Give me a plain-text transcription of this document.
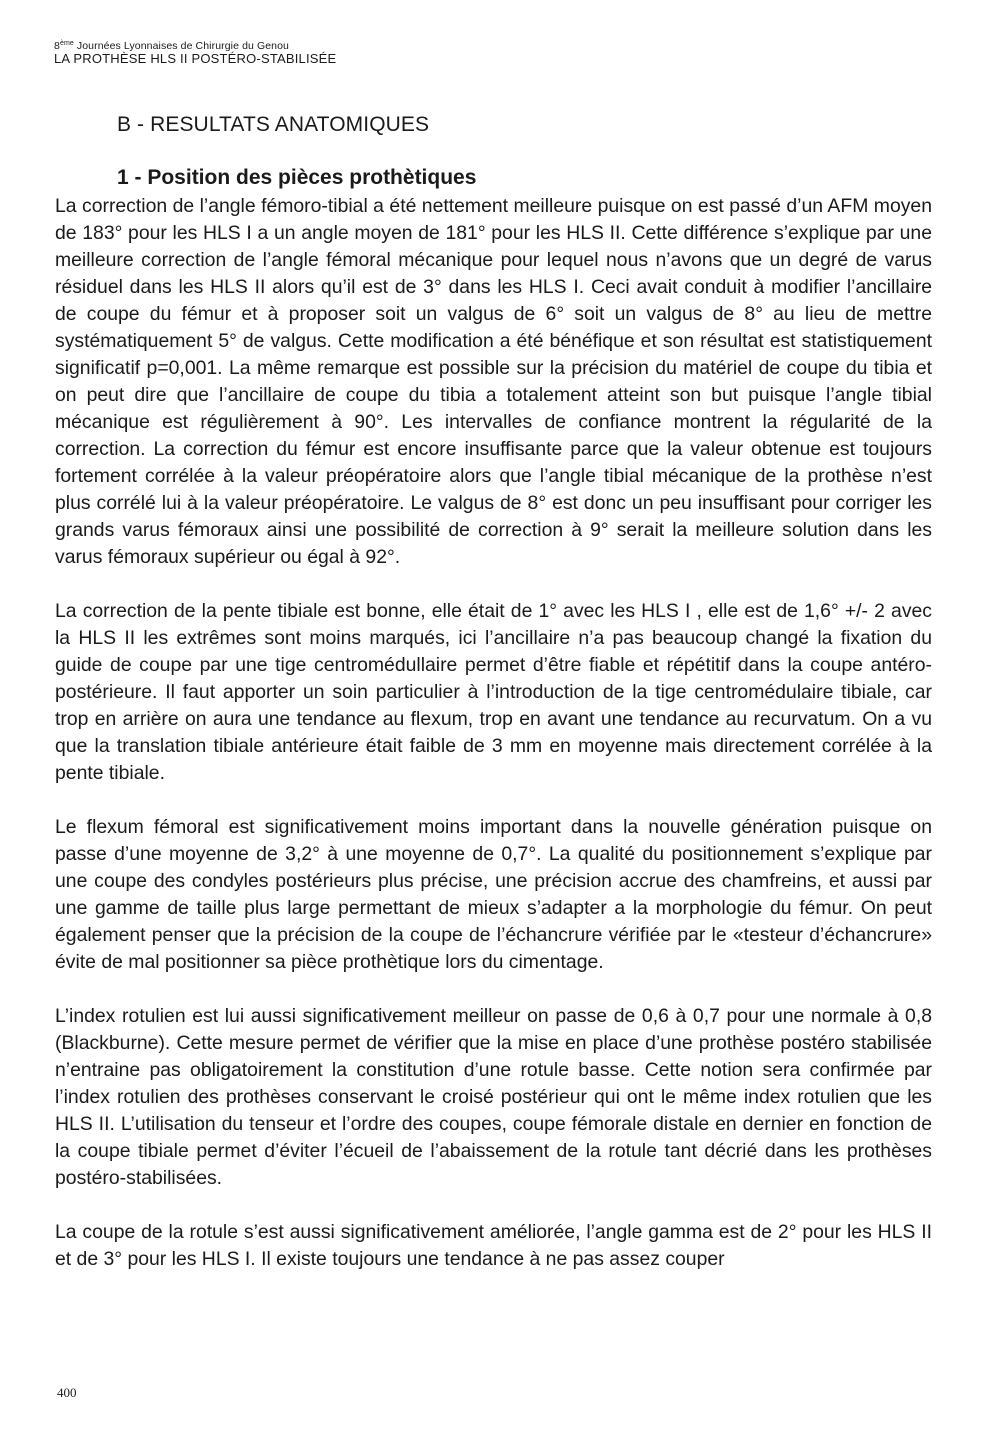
8ème Journées Lyonnaises de Chirurgie du Genou
LA PROTHÈSE HLS II POSTÉRO-STABILISÉE
B - RESULTATS ANATOMIQUES
1 - Position des pièces prothètiques

La correction de l’angle fémoro-tibial a été nettement meilleure puisque on est passé d’un AFM moyen de 183° pour les HLS I a un angle moyen de 181° pour les HLS II. Cette différence s’explique par une meilleure correction de l’angle fémoral mécanique pour lequel nous n’avons que un degré de varus résiduel dans les HLS II alors qu’il est de 3° dans les HLS I. Ceci avait conduit à modifier l’ancillaire de coupe du fémur et à proposer soit un valgus de 6° soit un valgus de 8° au lieu de mettre systématiquement 5° de valgus. Cette modification a été bénéfique et son résultat est statistiquement significatif p=0,001. La même remarque est possible sur la précision du matériel de coupe du tibia et on peut dire que l’ancillaire de coupe du tibia a totalement atteint son but puisque l’angle tibial mécanique est régulièrement à 90°. Les intervalles de confiance montrent la régularité de la correction. La correction du fémur est encore insuffisante parce que la valeur obtenue est toujours fortement corrélée à la valeur préopératoire alors que l’angle tibial mécanique de la prothèse n’est plus corrélé lui à la valeur préopératoire. Le valgus de 8° est donc un peu insuffisant pour corriger les grands varus fémoraux ainsi une possibilité de correction à 9° serait la meilleure solution dans les varus fémoraux supérieur ou égal à 92°.

La correction de la pente tibiale est bonne, elle était de 1° avec les HLS I , elle est de 1,6° +/- 2 avec la HLS II les extrêmes sont moins marqués, ici l’ancillaire n’a pas beaucoup changé la fixation du guide de coupe par une tige centromédullaire permet d’être fiable et répétitif dans la coupe antéro-postérieure. Il faut apporter un soin particulier à l’introduction de la tige centromédulaire tibiale, car trop en arrière on aura une tendance au flexum, trop en avant une tendance au recurvatum. On a vu que la translation tibiale antérieure était faible de 3 mm en moyenne mais directement corrélée à la pente tibiale.

Le flexum fémoral est significativement moins important dans la nouvelle génération puisque on passe d’une moyenne de 3,2° à une moyenne de 0,7°. La qualité du positionnement s’explique par une coupe des condyles postérieurs plus précise, une précision accrue des chamfreins, et aussi par une gamme de taille plus large permettant de mieux s’adapter a la morphologie du fémur. On peut également penser que la précision de la coupe de l’échancrure vérifiée par le «testeur d’échancrure» évite de mal positionner sa pièce prothètique lors du cimentage.

L’index rotulien est lui aussi significativement meilleur on passe de 0,6 à 0,7 pour une normale à 0,8 (Blackburne). Cette mesure permet de vérifier que la mise en place d’une prothèse postéro stabilisée n’entraine pas obligatoirement la constitution d’une rotule basse. Cette notion sera confirmée par l’index rotulien des prothèses conservant le croisé postérieur qui ont le même index rotulien que les HLS II. L’utilisation du tenseur et l’ordre des coupes, coupe fémorale distale en dernier en fonction de la coupe tibiale permet d’éviter l’écueil de l’abaissement de la rotule tant décrié dans les prothèses postéro-stabilisées.

La coupe de la rotule s’est aussi significativement améliorée, l’angle gamma est de 2° pour les HLS II et de 3° pour les HLS I. Il existe toujours une tendance à ne pas assez couper

400
